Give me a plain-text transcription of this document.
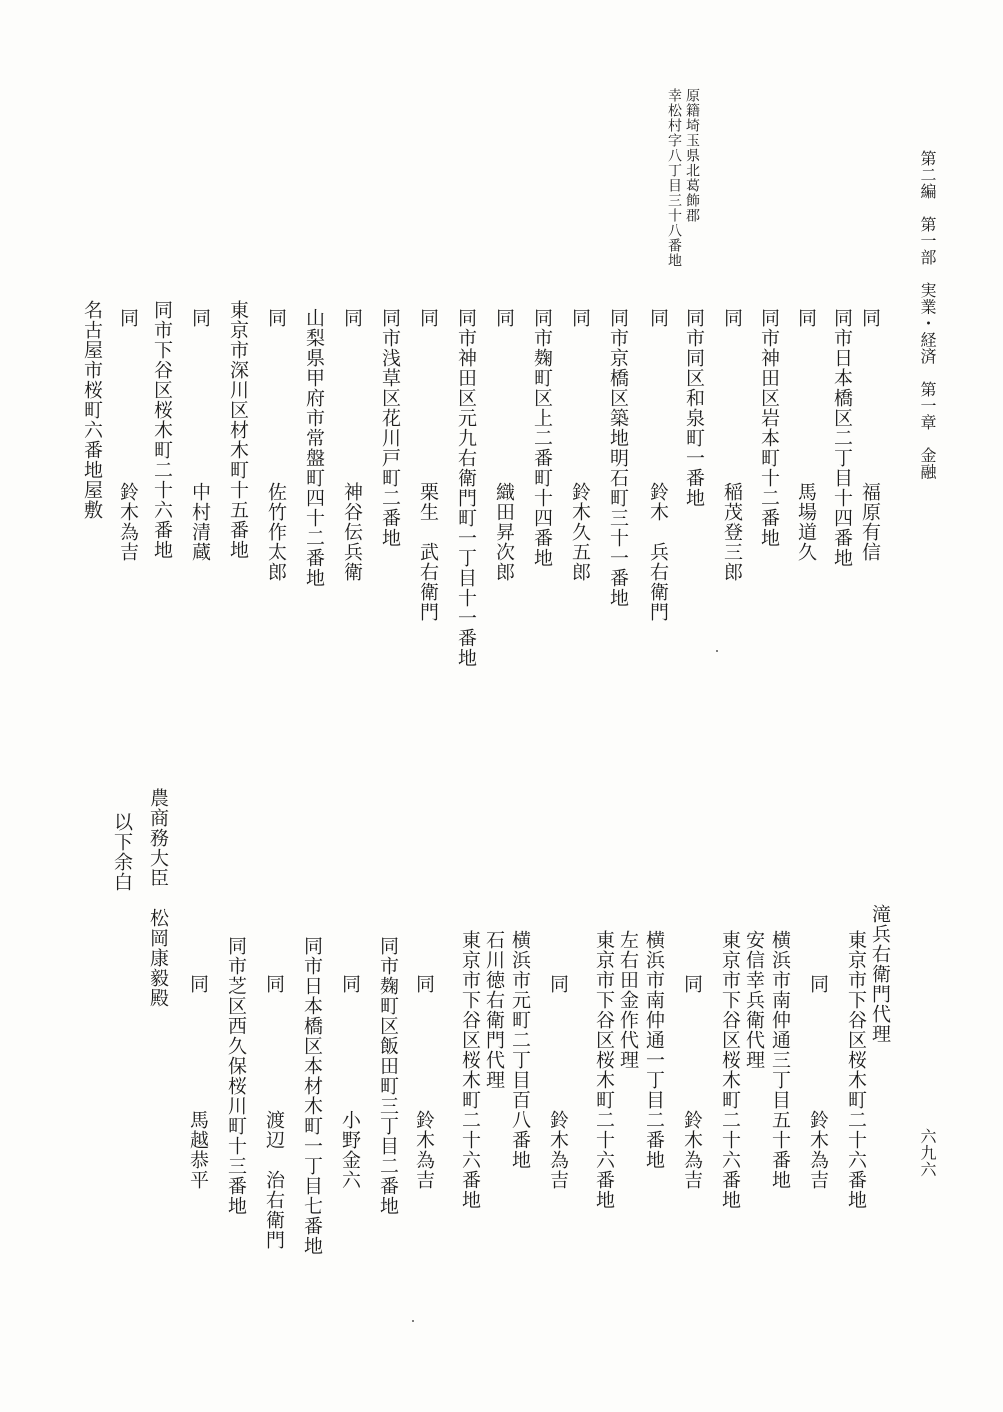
第二編　第一部　実業・経済　第一章　金融
六九六
原籍埼玉県北葛飾郡
幸松村字八丁目三十八番地
同
福原有信
同市日本橋区二丁目十四番地
同
馬場道久
同市神田区岩本町十二番地
同
稲茂登三郎
同市同区和泉町一番地
同
鈴木　兵右衛門
同市京橋区築地明石町三十一番地
同
鈴木久五郎
同市麹町区上二番町十四番地
同
織田昇次郎
同市神田区元九右衛門町一丁目十一番地
同
栗生　武右衛門
同市浅草区花川戸町二番地
同
神谷伝兵衛
山梨県甲府市常盤町四十二番地
同
佐竹作太郎
東京市深川区材木町十五番地
同
中村清蔵
同市下谷区桜木町二十六番地
同
鈴木為吉
名古屋市桜町六番地屋敷
滝兵右衛門代理
東京市下谷区桜木町二十六番地
同
鈴木為吉
横浜市南仲通三丁目五十番地
安信幸兵衛代理
東京市下谷区桜木町二十六番地
同
鈴木為吉
横浜市南仲通一丁目二番地
左右田金作代理
東京市下谷区桜木町二十六番地
同
鈴木為吉
横浜市元町二丁目百八番地
石川徳右衛門代理
東京市下谷区桜木町二十六番地
同
鈴木為吉
同市麹町区飯田町三丁目二番地
同
小野金六
同市日本橋区本材木町一丁目七番地
同
渡辺　治右衛門
同市芝区西久保桜川町十三番地
同
馬越恭平
農商務大臣　松岡康毅殿
以下余白
